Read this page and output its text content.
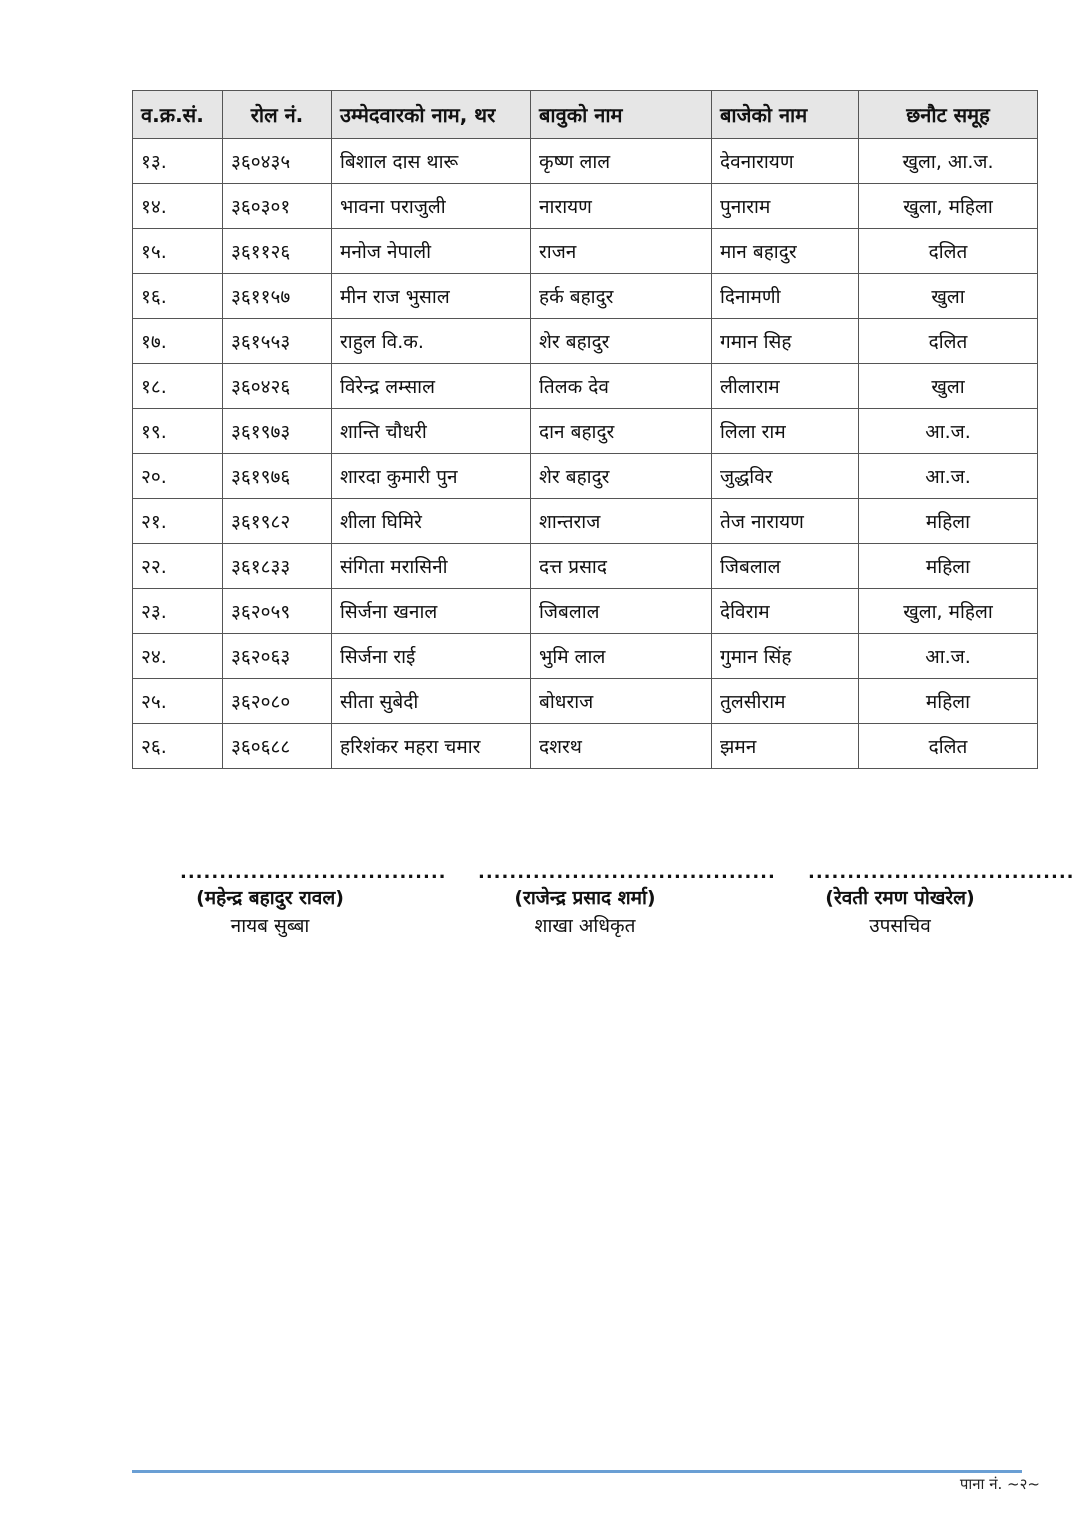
व.क्र.सं.	रोल नं.	उम्मेदवारको नाम, थर	बावुको नाम	बाजेको नाम	छनौट समूह
१३.	३६०४३५	बिशाल दास थारू	कृष्ण लाल	देवनारायण	खुला, आ.ज.
१४.	३६०३०१	भावना पराजुली	नारायण	पुनाराम	खुला, महिला
१५.	३६११२६	मनोज नेपाली	राजन	मान बहादुर	दलित
१६.	३६११५७	मीन राज भुसाल	हर्क बहादुर	दिनामणी	खुला
१७.	३६१५५३	राहुल वि.क.	शेर बहादुर	गमान सिह	दलित
१८.	३६०४२६	विरेन्द्र लम्साल	तिलक देव	लीलाराम	खुला
१९.	३६१९७३	शान्ति चौधरी	दान बहादुर	लिला राम	आ.ज.
२०.	३६१९७६	शारदा कुमारी पुन	शेर बहादुर	जुद्धविर	आ.ज.
२१.	३६१९८२	शीला घिमिरे	शान्तराज	तेज नारायण	महिला
२२.	३६१८३३	संगिता मरासिनी	दत्त प्रसाद	जिबलाल	महिला
२३.	३६२०५९	सिर्जना खनाल	जिबलाल	देविराम	खुला, महिला
२४.	३६२०६३	सिर्जना राई	भुमि लाल	गुमान सिंह	आ.ज.
२५.	३६२०८०	सीता सुबेदी	बोधराज	तुलसीराम	महिला
२६.	३६०६८८	हरिशंकर महरा चमार	दशरथ	झमन	दलित
..................................
(महेन्द्र बहादुर रावल)
नायब सुब्बा
......................................
(राजेन्द्र प्रसाद शर्मा)
शाखा अधिकृत
..................................
(रेवती रमण पोखरेल)
उपसचिव
पाना नं. ~२~
